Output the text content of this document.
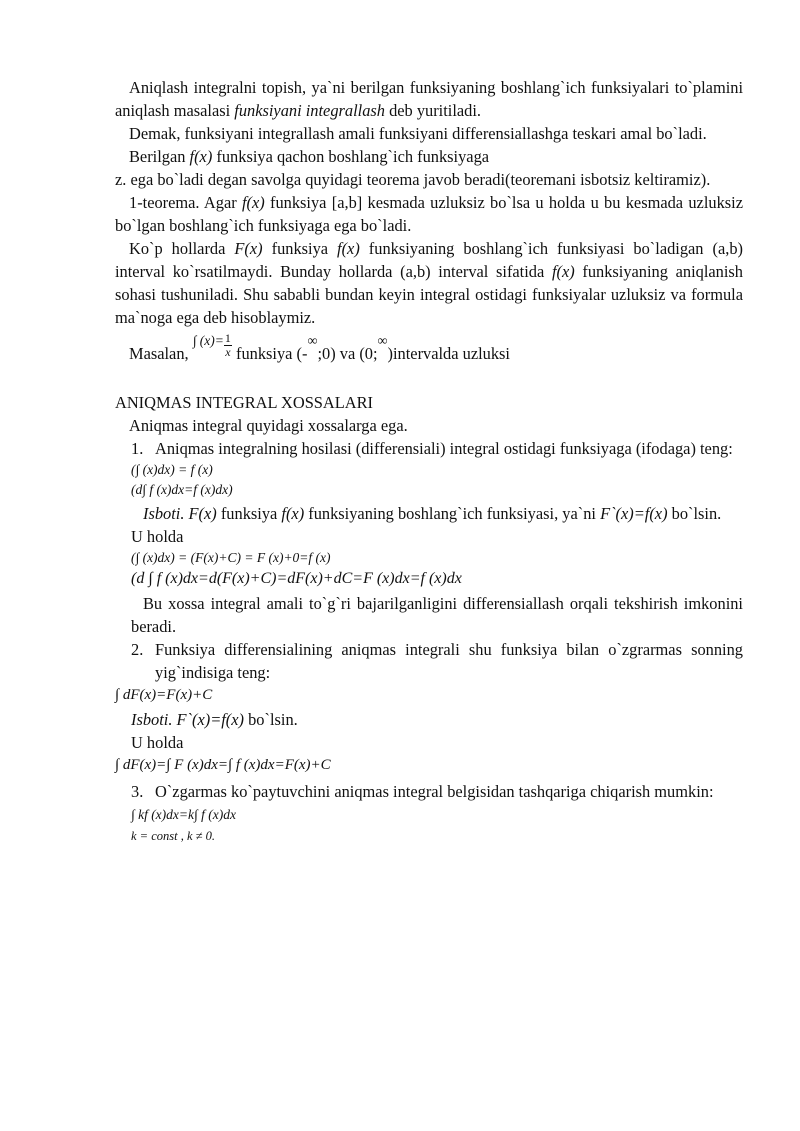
Aniqlash integralni topish, ya`ni berilgan funksiyaning boshlang`ich funksiyalari to`plamini aniqlash masalasi funksiyani integrallash deb yuritiladi.

Demak, funksiyani integrallash amali funksiyani differensiallashga teskari amal bo`ladi.

Berilgan f(x) funksiya qachon boshlang`ich funksiyaga

z. ega bo`ladi degan savolga quyidagi teorema javob beradi(teoremani isbotsiz keltiramiz).

1-teorema. Agar f(x) funksiya [a,b] kesmada uzluksiz bo`lsa u holda u bu kesmada uzluksiz bo`lgan boshlang`ich funksiyaga ega bo`ladi.

Ko`p hollarda F(x) funksiya f(x) funksiyaning boshlang`ich funksiyasi bo`ladigan (a,b) interval ko`rsatilmaydi. Bunday hollarda (a,b) interval sifatida f(x) funksiyaning aniqlanish sohasi tushuniladi. Shu sababli bundan keyin integral ostidagi funksiyalar uzluksiz va formula ma`noga ega deb hisoblaymiz.

Masalan, $^{\int (x)=} \frac{1}{x}$ funksiya (-∞;0) va (0;∞)intervalda uzluksi

ANIQMAS INTEGRAL XOSSALARI

Aniqmas integral quyidagi xossalarga ega.

1. Aniqmas integralning hosilasi (differensiali) integral ostidagi funksiyaga (ifodaga) teng:

(∫ (x)dx) = f (x)

(d∫ f (x)dx=f (x)dx)

Isboti. F(x) funksiya f(x) funksiyaning boshlang`ich funksiyasi, ya`ni F`(x)=f(x) bo`lsin.

U holda

(∫ (x)dx) = (F(x)+C) = F (x)+0=f (x)

(d ∫ f (x)dx=d(F(x)+C)=dF(x)+dC=F (x)dx=f (x)dx

Bu xossa integral amali to`g`ri bajarilganligini differensiallash orqali tekshirish imkonini beradi.

2. Funksiya differensialining aniqmas integrali shu funksiya bilan o`zgrarmas sonning yig`indisiga teng:

∫ dF(x)=F(x)+C

Isboti. F`(x)=f(x) bo`lsin.

U holda

∫ dF(x)=∫ F (x)dx=∫ f (x)dx=F(x)+C

3. O`zgarmas ko`paytuvchini aniqmas integral belgisidan tashqariga chiqarish mumkin:

∫ kf (x)dx=k∫ f (x)dx

k = const , k ≠ 0.
